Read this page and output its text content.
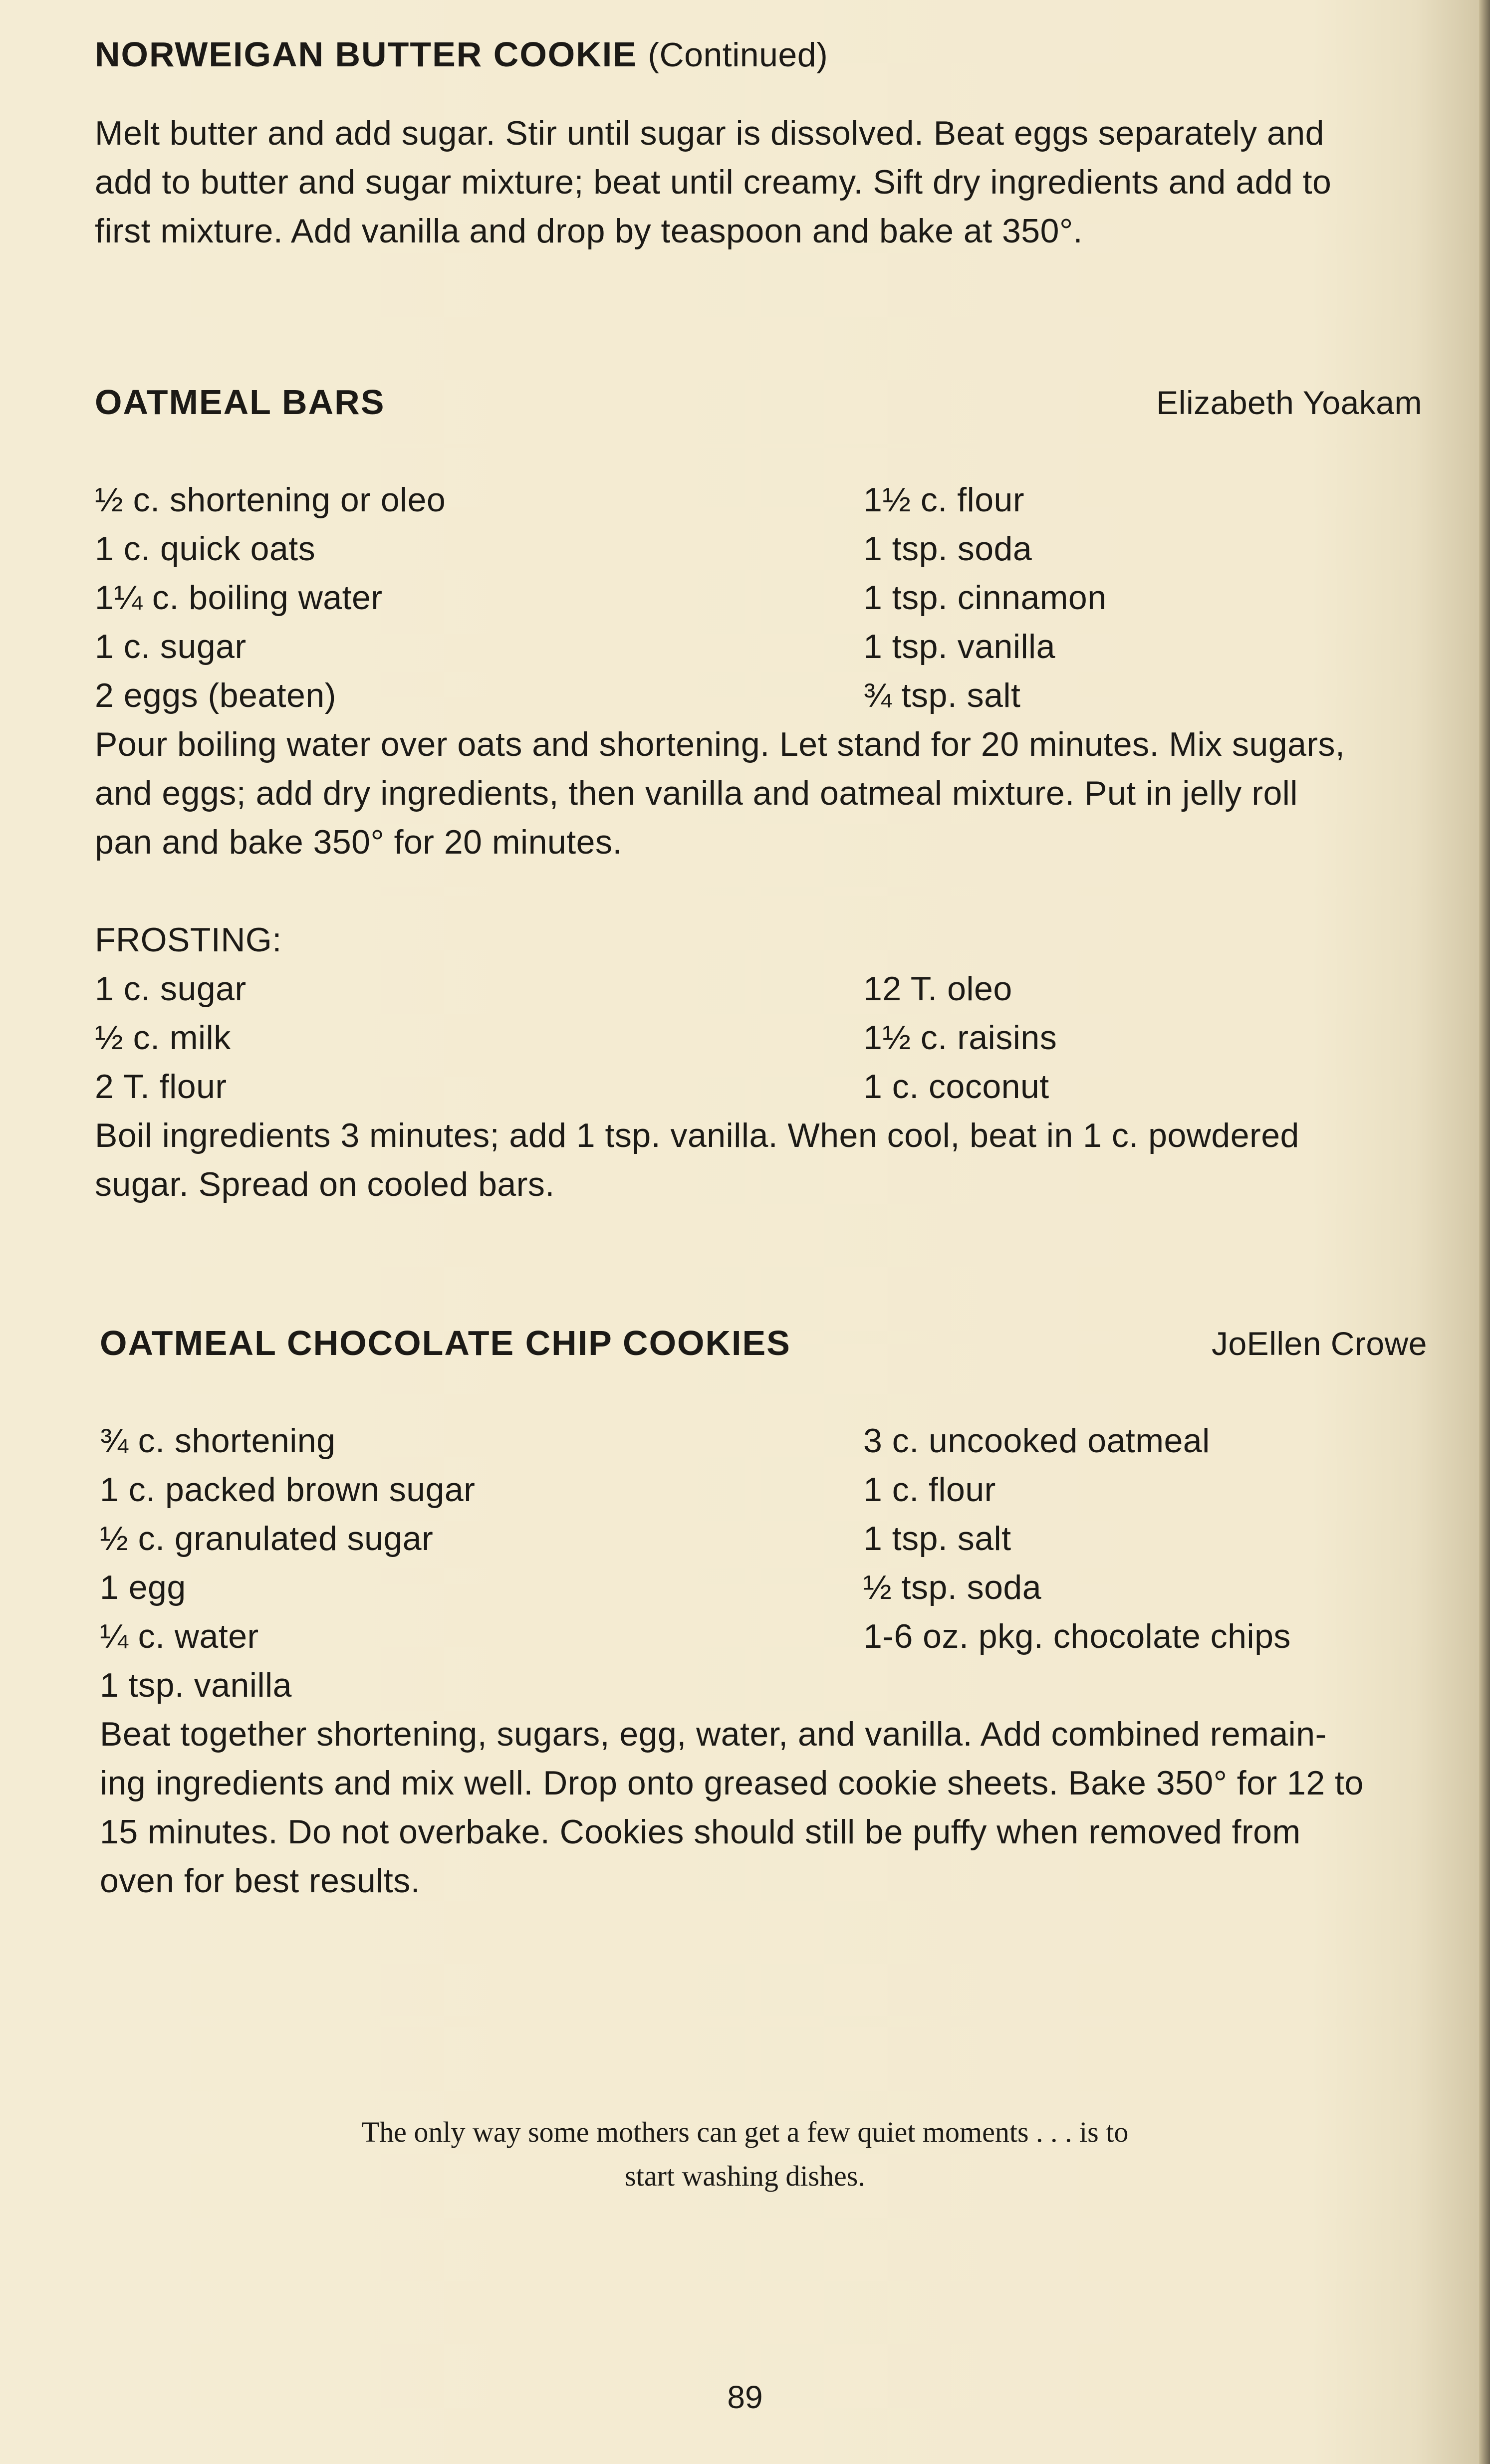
NORWEIGAN BUTTER COOKIE (Continued)
Melt butter and add sugar. Stir until sugar is dissolved. Beat eggs separately and
add to butter and sugar mixture; beat until creamy. Sift dry ingredients and add to
first mixture. Add vanilla and drop by teaspoon and bake at 350°.
OATMEAL BARS	Elizabeth Yoakam
½ c. shortening or oleo
1 c. quick oats
1¼ c. boiling water
1 c. sugar
2 eggs (beaten)
1½ c. flour
1 tsp. soda
1 tsp. cinnamon
1 tsp. vanilla
¾ tsp. salt
Pour boiling water over oats and shortening. Let stand for 20 minutes. Mix sugars,
and eggs; add dry ingredients, then vanilla and oatmeal mixture. Put in jelly roll
pan and bake 350° for 20 minutes.
FROSTING:
1 c. sugar
½ c. milk
2 T. flour
12 T. oleo
1½ c. raisins
1 c. coconut
Boil ingredients 3 minutes; add 1 tsp. vanilla. When cool, beat in 1 c. powdered
sugar. Spread on cooled bars.
OATMEAL CHOCOLATE CHIP COOKIES	JoEllen Crowe
¾ c. shortening
1 c. packed brown sugar
½ c. granulated sugar
1 egg
¼ c. water
1 tsp. vanilla
3 c. uncooked oatmeal
1 c. flour
1 tsp. salt
½ tsp. soda
1-6 oz. pkg. chocolate chips
Beat together shortening, sugars, egg, water, and vanilla. Add combined remain-
ing ingredients and mix well. Drop onto greased cookie sheets. Bake 350° for 12 to
15 minutes. Do not overbake. Cookies should still be puffy when removed from
oven for best results.
The only way some mothers can get a few quiet moments . . . is to
start washing dishes.
89
